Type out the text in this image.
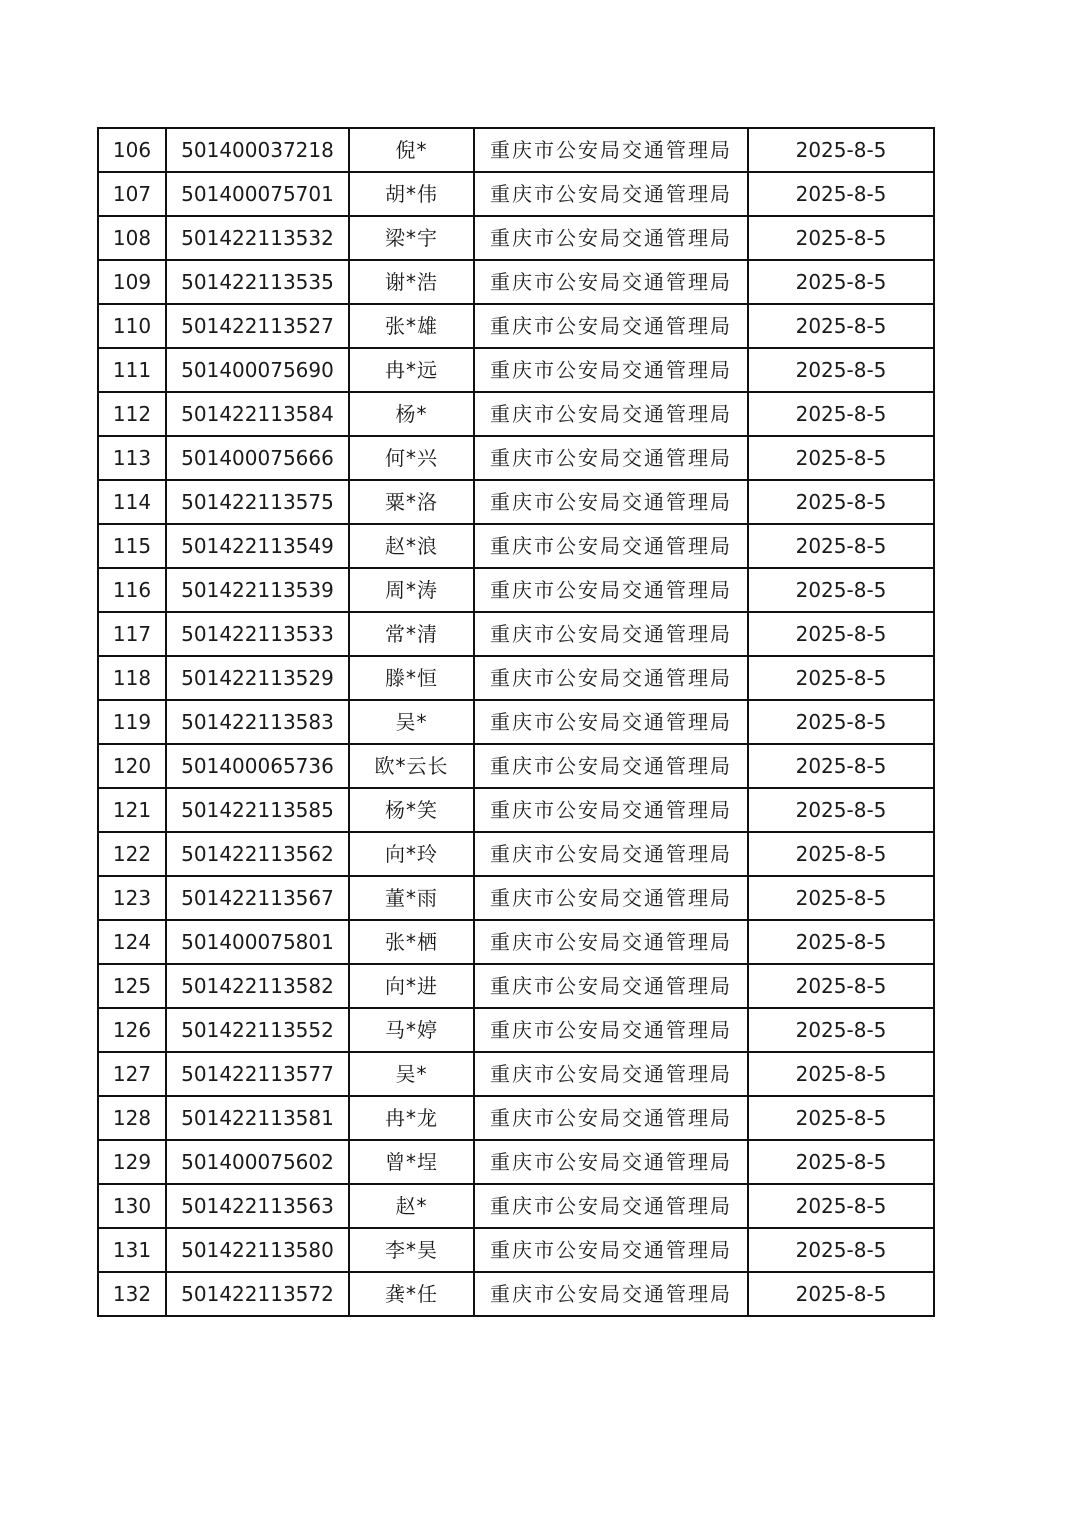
106	501400037218	倪*	重庆市公安局交通管理局	2025-8-5
107	501400075701	胡*伟	重庆市公安局交通管理局	2025-8-5
108	501422113532	梁*宇	重庆市公安局交通管理局	2025-8-5
109	501422113535	谢*浩	重庆市公安局交通管理局	2025-8-5
110	501422113527	张*雄	重庆市公安局交通管理局	2025-8-5
111	501400075690	冉*远	重庆市公安局交通管理局	2025-8-5
112	501422113584	杨*	重庆市公安局交通管理局	2025-8-5
113	501400075666	何*兴	重庆市公安局交通管理局	2025-8-5
114	501422113575	粟*洛	重庆市公安局交通管理局	2025-8-5
115	501422113549	赵*浪	重庆市公安局交通管理局	2025-8-5
116	501422113539	周*涛	重庆市公安局交通管理局	2025-8-5
117	501422113533	常*清	重庆市公安局交通管理局	2025-8-5
118	501422113529	滕*恒	重庆市公安局交通管理局	2025-8-5
119	501422113583	吴*	重庆市公安局交通管理局	2025-8-5
120	501400065736	欧*云长	重庆市公安局交通管理局	2025-8-5
121	501422113585	杨*笑	重庆市公安局交通管理局	2025-8-5
122	501422113562	向*玲	重庆市公安局交通管理局	2025-8-5
123	501422113567	董*雨	重庆市公安局交通管理局	2025-8-5
124	501400075801	张*栖	重庆市公安局交通管理局	2025-8-5
125	501422113582	向*进	重庆市公安局交通管理局	2025-8-5
126	501422113552	马*婷	重庆市公安局交通管理局	2025-8-5
127	501422113577	吴*	重庆市公安局交通管理局	2025-8-5
128	501422113581	冉*龙	重庆市公安局交通管理局	2025-8-5
129	501400075602	曾*埕	重庆市公安局交通管理局	2025-8-5
130	501422113563	赵*	重庆市公安局交通管理局	2025-8-5
131	501422113580	李*昊	重庆市公安局交通管理局	2025-8-5
132	501422113572	龚*任	重庆市公安局交通管理局	2025-8-5
